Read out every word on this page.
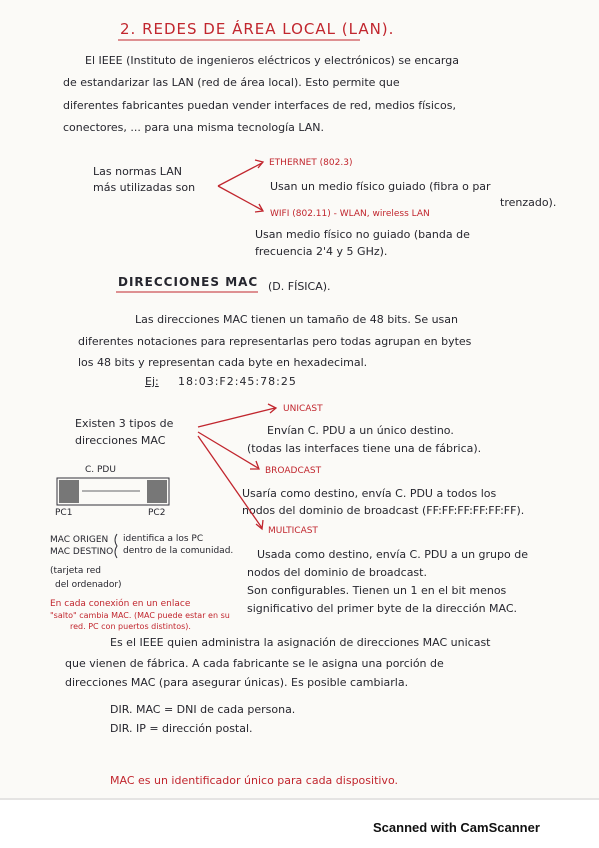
2. REDES DE ÁREA LOCAL (LAN).
El IEEE (Instituto de ingenieros eléctricos y electrónicos) se encarga
de estandarizar las LAN (red de área local). Esto permite que
diferentes fabricantes puedan vender interfaces de red, medios físicos,
conectores, ... para una misma tecnología LAN.
Las normas LAN
más utilizadas son
ETHERNET (802.3)
Usan un medio físico guiado (fibra o par
trenzado).
WIFI (802.11) - WLAN, wireless LAN
Usan medio físico no guiado (banda de
frecuencia 2'4 y 5 GHz).
DIRECCIONES MAC (D. FÍSICA).
Las direcciones MAC tienen un tamaño de 48 bits. Se usan
diferentes notaciones para representarlas pero todas agrupan en bytes
los 48 bits y representan cada byte en hexadecimal.
Ej: 18:03:F2:45:78:25
Existen 3 tipos de
direcciones MAC
UNICAST
Envían C. PDU a un único destino.
(todas las interfaces tiene una de fábrica).
BROADCAST
Usaría como destino, envía C. PDU a todos los
nodos del dominio de broadcast (FF:FF:FF:FF:FF:FF).
MULTICAST
Usada como destino, envía C. PDU a un grupo de
nodos del dominio de broadcast.
Son configurables. Tienen un 1 en el bit menos
significativo del primer byte de la dirección MAC.
C. PDU
PC1	PC2
MAC ORIGEN
MAC DESTINO
(tarjeta red
del ordenador)
identifica a los PC
dentro de la comunidad.
En cada conexión en un enlace
"salto" cambia MAC. (MAC puede estar en su
red. PC con puertos distintos).
Es el IEEE quien administra la asignación de direcciones MAC unicast
que vienen de fábrica. A cada fabricante se le asigna una porción de
direcciones MAC (para asegurar únicas). Es posible cambiarla.
DIR. MAC = DNI de cada persona.
DIR. IP = dirección postal.
MAC es un identificador único para cada dispositivo.
Scanned with CamScanner
